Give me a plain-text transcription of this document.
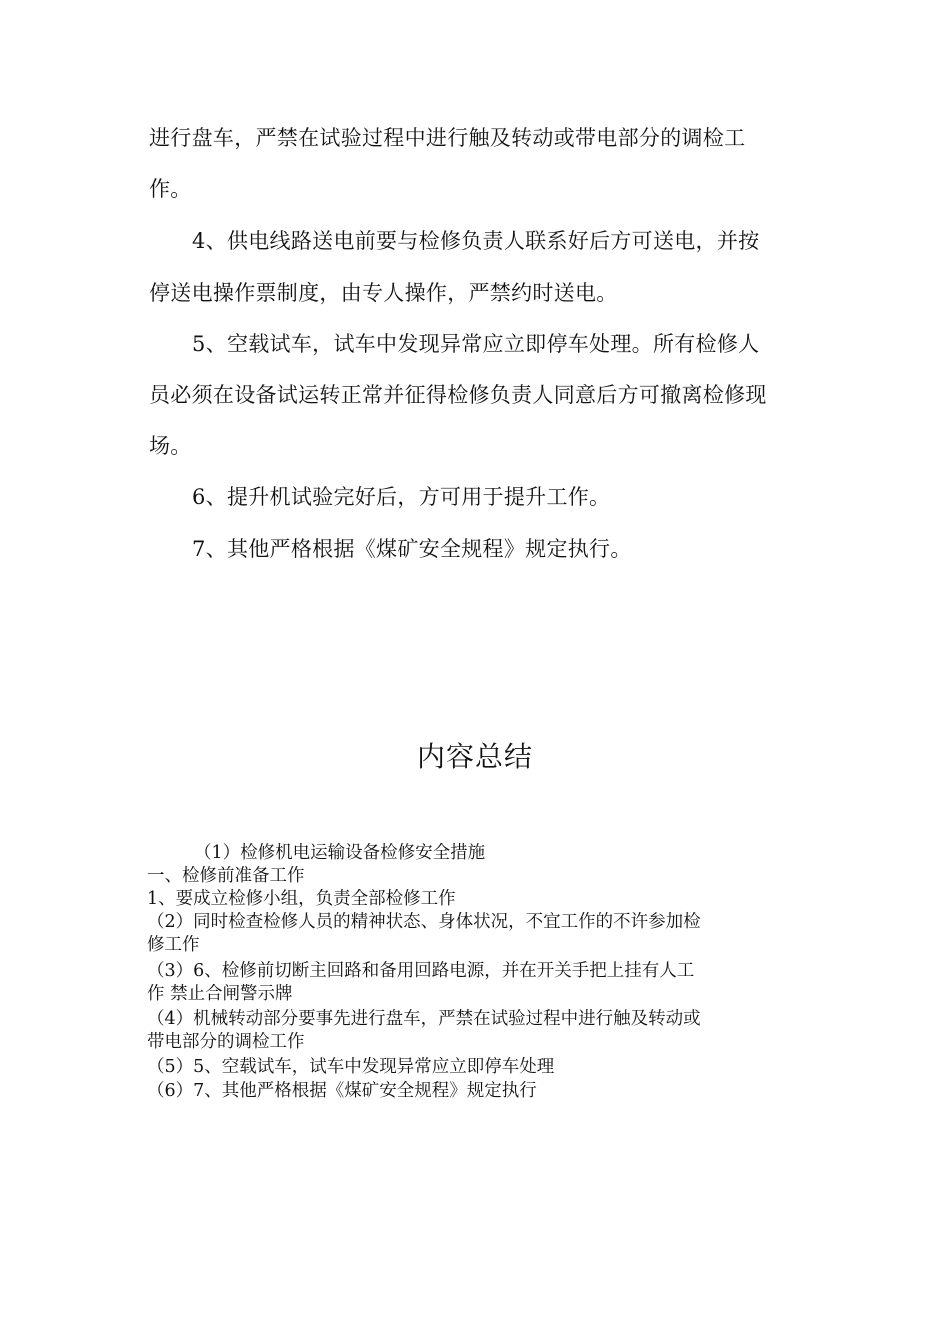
进行盘车，严禁在试验过程中进行触及转动或带电部分的调检工
作。
4、供电线路送电前要与检修负责人联系好后方可送电，并按
停送电操作票制度，由专人操作，严禁约时送电。
5、空载试车，试车中发现异常应立即停车处理。所有检修人
员必须在设备试运转正常并征得检修负责人同意后方可撤离检修现
场。
6、提升机试验完好后，方可用于提升工作。
7、其他严格根据《煤矿安全规程》规定执行。
内容总结
（1）检修机电运输设备检修安全措施
一、检修前准备工作
1、要成立检修小组，负责全部检修工作
（2）同时检查检修人员的精神状态、身体状况，不宜工作的不许参加检
修工作
（3）6、检修前切断主回路和备用回路电源，并在开关手把上挂有人工
作 禁止合闸警示牌
（4）机械转动部分要事先进行盘车，严禁在试验过程中进行触及转动或
带电部分的调检工作
（5）5、空载试车，试车中发现异常应立即停车处理
（6）7、其他严格根据《煤矿安全规程》规定执行
